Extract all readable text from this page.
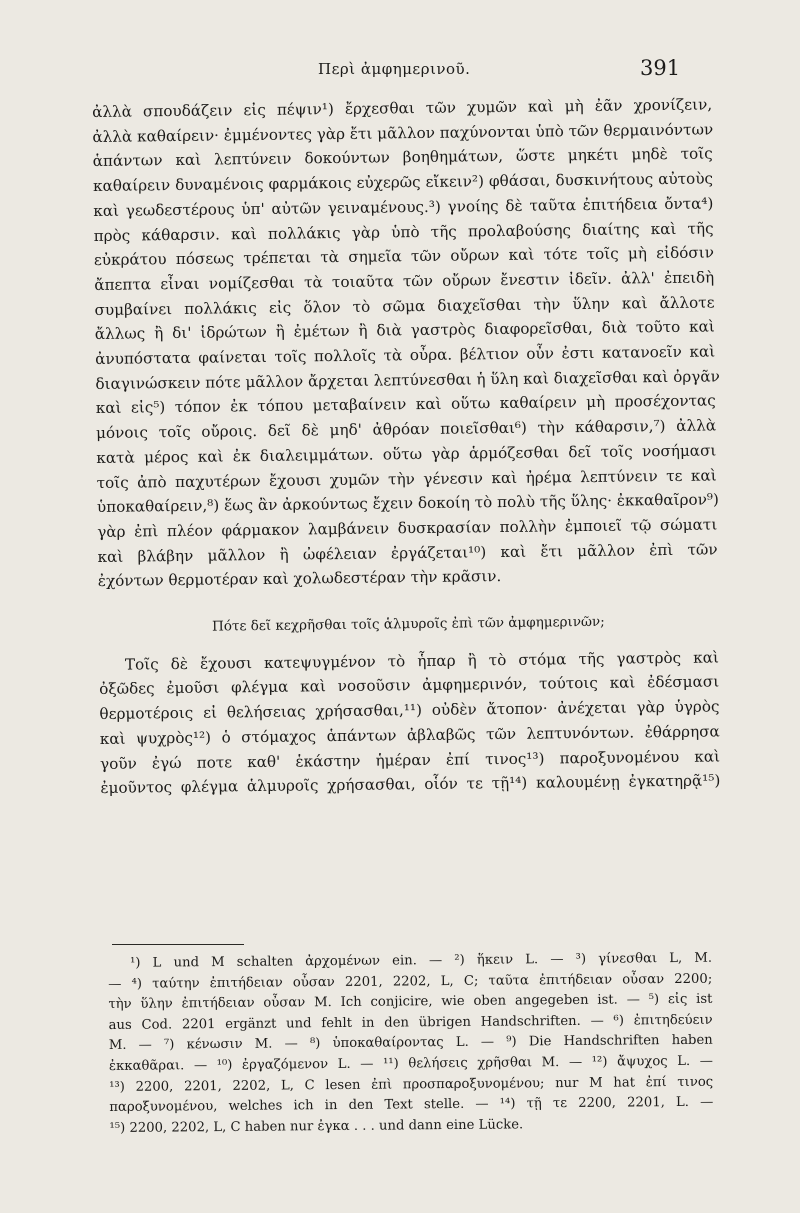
Περὶ ἀμφημερινοῦ.	391
ἀλλὰ σπουδάζειν εἰς πέψιν¹) ἔρχεσθαι τῶν χυμῶν καὶ μὴ ἐᾶν χρονίζειν,
ἀλλὰ καθαίρειν· ἐμμένοντες γὰρ ἔτι μᾶλλον παχύνονται ὑπὸ τῶν θερμαινόντων
ἁπάντων καὶ λεπτύνειν δοκούντων βοηθημάτων, ὥστε μηκέτι μηδὲ τοῖς
καθαίρειν δυναμένοις φαρμάκοις εὐχερῶς εἴκειν²) φθάσαι, δυσκινήτους αὐτοὺς
καὶ γεωδεστέρους ὑπ' αὐτῶν γειναμένους.³) γνοίης δὲ ταῦτα ἐπιτήδεια ὄντα⁴)
πρὸς κάθαρσιν. καὶ πολλάκις γὰρ ὑπὸ τῆς προλαβούσης διαίτης καὶ τῆς
εὐκράτου πόσεως τρέπεται τὰ σημεῖα τῶν οὔρων καὶ τότε τοῖς μὴ εἰδόσιν
ἄπεπτα εἶναι νομίζεσθαι τὰ τοιαῦτα τῶν οὔρων ἔνεστιν ἰδεῖν. ἀλλ' ἐπειδὴ
συμβαίνει πολλάκις εἰς ὅλον τὸ σῶμα διαχεῖσθαι τὴν ὕλην καὶ ἄλλοτε
ἄλλως ἢ δι' ἱδρώτων ἢ ἐμέτων ἢ διὰ γαστρὸς διαφορεῖσθαι, διὰ τοῦτο καὶ
ἀνυπόστατα φαίνεται τοῖς πολλοῖς τὰ οὖρα. βέλτιον οὖν ἐστι κατανοεῖν καὶ
διαγινώσκειν πότε μᾶλλον ἄρχεται λεπτύνεσθαι ἡ ὕλη καὶ διαχεῖσθαι καὶ ὀργᾶν
καὶ εἰς⁵) τόπον ἐκ τόπου μεταβαίνειν καὶ οὕτω καθαίρειν μὴ προσέχοντας
μόνοις τοῖς οὔροις. δεῖ δὲ μηδ' ἀθρόαν ποιεῖσθαι⁶) τὴν κάθαρσιν,⁷) ἀλλὰ
κατὰ μέρος καὶ ἐκ διαλειμμάτων. οὕτω γὰρ ἁρμόζεσθαι δεῖ τοῖς νοσήμασι
τοῖς ἀπὸ παχυτέρων ἔχουσι χυμῶν τὴν γένεσιν καὶ ἠρέμα λεπτύνειν τε καὶ
ὑποκαθαίρειν,⁸) ἕως ἂν ἀρκούντως ἔχειν δοκοίη τὸ πολὺ τῆς ὕλης· ἐκκαθαῖρον⁹)
γὰρ ἐπὶ πλέον φάρμακον λαμβάνειν δυσκρασίαν πολλὴν ἐμποιεῖ τῷ σώματι
καὶ βλάβην μᾶλλον ἢ ὠφέλειαν ἐργάζεται¹⁰) καὶ ἔτι μᾶλλον ἐπὶ τῶν
ἐχόντων θερμοτέραν καὶ χολωδεστέραν τὴν κρᾶσιν.
Πότε δεῖ κεχρῆσθαι τοῖς ἁλμυροῖς ἐπὶ τῶν ἀμφημερινῶν;
Τοῖς δὲ ἔχουσι κατεψυγμένον τὸ ἧπαρ ἢ τὸ στόμα τῆς γαστρὸς καὶ
ὀξῶδες ἐμοῦσι φλέγμα καὶ νοσοῦσιν ἀμφημερινόν, τούτοις καὶ ἐδέσμασι
θερμοτέροις εἰ θελήσειας χρήσασθαι,¹¹) οὐδὲν ἄτοπον· ἀνέχεται γὰρ ὑγρὸς
καὶ ψυχρὸς¹²) ὁ στόμαχος ἁπάντων ἀβλαβῶς τῶν λεπτυνόντων. ἐθάρρησα
γοῦν ἐγώ ποτε καθ' ἑκάστην ἡμέραν ἐπί τινος¹³) παροξυνομένου καὶ
ἐμοῦντος φλέγμα ἁλμυροῖς χρήσασθαι, οἷόν τε τῇ¹⁴) καλουμένῃ ἐγκατηρᾷ¹⁵)
¹) L und M schalten ἀρχομένων ein. — ²) ἥκειν L. — ³) γίνεσθαι L, M.
— ⁴) ταύτην ἐπιτήδειαν οὖσαν 2201, 2202, L, C; ταῦτα ἐπιτήδειαν οὖσαν 2200;
τὴν ὕλην ἐπιτήδειαν οὖσαν M. Ich conjicire, wie oben angegeben ist. — ⁵) εἰς ist
aus Cod. 2201 ergänzt und fehlt in den übrigen Handschriften. — ⁶) ἐπιτηδεύειν
M. — ⁷) κένωσιν M. — ⁸) ὑποκαθαίροντας L. — ⁹) Die Handschriften haben
ἐκκαθᾶραι. — ¹⁰) ἐργαζόμενον L. — ¹¹) θελήσεις χρῆσθαι M. — ¹²) ἄψυχος L. —
¹³) 2200, 2201, 2202, L, C lesen ἐπὶ προσπαροξυνομένου; nur M hat ἐπί τινος
παροξυνομένου, welches ich in den Text stelle. — ¹⁴) τῇ τε 2200, 2201, L. —
¹⁵) 2200, 2202, L, C haben nur ἐγκα . . . und dann eine Lücke.
